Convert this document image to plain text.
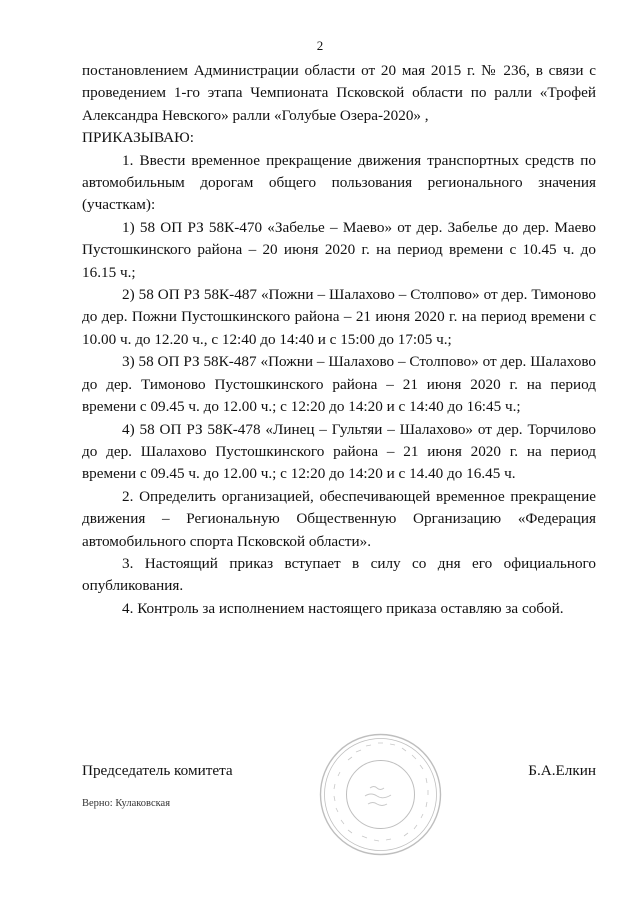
2

постановлением Администрации области от 20 мая 2015 г. № 236, в связи с проведением 1-го этапа Чемпионата Псковской области по ралли «Трофей Александра Невского» ралли «Голубые Озера-2020» ,

ПРИКАЗЫВАЮ:

1. Ввести временное прекращение движения транспортных средств по автомобильным дорогам общего пользования регионального значения (участкам):

1) 58 ОП РЗ 58К-470 «Забелье – Маево» от дер. Забелье до дер. Маево Пустошкинского района – 20 июня 2020 г. на период времени с 10.45 ч. до 16.15 ч.;

2) 58 ОП РЗ 58К-487 «Пожни – Шалахово – Столпово» от дер. Тимоново до дер. Пожни Пустошкинского района – 21 июня 2020 г. на период времени с 10.00 ч. до 12.20 ч., с 12:40 до 14:40 и с 15:00 до 17:05 ч.;

3) 58 ОП РЗ 58К-487 «Пожни – Шалахово – Столпово» от дер. Шалахово до дер. Тимоново Пустошкинского района – 21 июня 2020 г. на период времени с 09.45 ч. до 12.00 ч.; с 12:20 до 14:20 и с 14:40 до 16:45 ч.;

4) 58 ОП РЗ 58К-478 «Линец – Гультяи – Шалахово» от дер. Торчилово до дер. Шалахово Пустошкинского района – 21 июня 2020 г. на период времени с 09.45 ч. до 12.00 ч.; с 12:20 до 14:20 и с 14.40 до 16.45 ч.

2. Определить организацией, обеспечивающей временное прекращение движения – Региональную Общественную Организацию «Федерация автомобильного спорта Псковской области».

3. Настоящий приказ вступает в силу со дня его официального опубликования.

4. Контроль за исполнением настоящего приказа оставляю за собой.

Председатель комитета	Б.А.Елкин
Верно: Кулаковская
